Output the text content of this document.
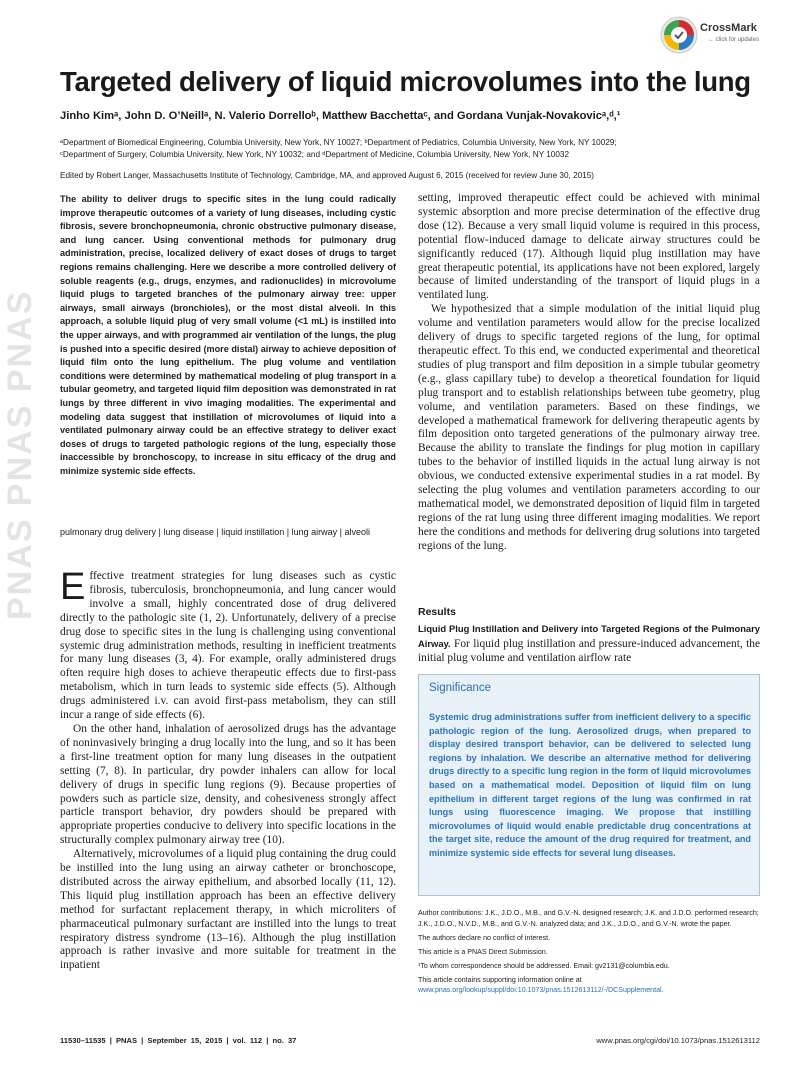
PNAS PNAS PNAS
CrossMark
← click for updates
Targeted delivery of liquid microvolumes into the lung
Jinho Kimᵃ, John D. O’Neillᵃ, N. Valerio Dorrelloᵇ, Matthew Bacchettaᶜ, and Gordana Vunjak-Novakovicᵃ,ᵈ,¹
ᵃDepartment of Biomedical Engineering, Columbia University, New York, NY 10027; ᵇDepartment of Pediatrics, Columbia University, New York, NY 10029;
ᶜDepartment of Surgery, Columbia University, New York, NY 10032; and ᵈDepartment of Medicine, Columbia University, New York, NY 10032
Edited by Robert Langer, Massachusetts Institute of Technology, Cambridge, MA, and approved August 6, 2015 (received for review June 30, 2015)
The ability to deliver drugs to specific sites in the lung could radically improve therapeutic outcomes of a variety of lung diseases, including cystic fibrosis, severe bronchopneumonia, chronic obstructive pulmonary disease, and lung cancer. Using conventional methods for pulmonary drug administration, precise, localized delivery of exact doses of drugs to target regions remains challenging. Here we describe a more controlled delivery of soluble reagents (e.g., drugs, enzymes, and radionuclides) in microvolume liquid plugs to targeted branches of the pulmonary airway tree: upper airways, small airways (bronchioles), or the most distal alveoli. In this approach, a soluble liquid plug of very small volume (<1 mL) is instilled into the upper airways, and with programmed air ventilation of the lungs, the plug is pushed into a specific desired (more distal) airway to achieve deposition of liquid film onto the lung epithelium. The plug volume and ventilation conditions were determined by mathematical modeling of plug transport in a tubular geometry, and targeted liquid film deposition was demonstrated in rat lungs by three different in vivo imaging modalities. The experimental and modeling data suggest that instillation of microvolumes of liquid into a ventilated pulmonary airway could be an effective strategy to deliver exact doses of drugs to targeted pathologic regions of the lung, especially those inaccessible by bronchoscopy, to increase in situ efficacy of the drug and minimize systemic side effects.
pulmonary drug delivery | lung disease | liquid instillation | lung airway | alveoli

Effective treatment strategies for lung diseases such as cystic fibrosis, tuberculosis, bronchopneumonia, and lung cancer would involve a small, highly concentrated dose of drug delivered directly to the pathologic site (1, 2). Unfortunately, delivery of a precise drug dose to specific sites in the lung is challenging using conventional systemic drug administration methods, resulting in inefficient treatments for many lung diseases (3, 4). For example, orally administered drugs often require high doses to achieve therapeutic effects due to first-pass metabolism, which in turn leads to systemic side effects (5). Although drugs administered i.v. can avoid first-pass metabolism, they can still incur a range of side effects (6).

On the other hand, inhalation of aerosolized drugs has the advantage of noninvasively bringing a drug locally into the lung, and so it has been a first-line treatment option for many lung diseases in the outpatient setting (7, 8). In particular, dry powder inhalers can allow for local delivery of drugs in specific lung regions (9). Because properties of powders such as particle size, density, and cohesiveness strongly affect particle transport behavior, dry powders should be prepared with appropriate properties conducive to delivery into specific locations in the structurally complex pulmonary airway tree (10).

Alternatively, microvolumes of a liquid plug containing the drug could be instilled into the lung using an airway catheter or bronchoscope, distributed across the airway epithelium, and absorbed locally (11, 12). This liquid plug instillation approach has been an effective delivery method for surfactant replacement therapy, in which microliters of pharmaceutical pulmonary surfactant are instilled into the lungs to treat respiratory distress syndrome (13–16). Although the plug instillation approach is rather invasive and more suitable for treatment in the inpatient

setting, improved therapeutic effect could be achieved with minimal systemic absorption and more precise determination of the effective drug dose (12). Because a very small liquid volume is required in this process, potential flow-induced damage to delicate airway structures could be significantly reduced (17). Although liquid plug instillation may have great therapeutic potential, its applications have not been explored, largely because of limited understanding of the transport of liquid plugs in a ventilated lung.

We hypothesized that a simple modulation of the initial liquid plug volume and ventilation parameters would allow for the precise localized delivery of drugs to specific targeted regions of the lung, for optimal therapeutic effect. To this end, we conducted experimental and theoretical studies of plug transport and film deposition in a simple tubular geometry (e.g., glass capillary tube) to develop a theoretical foundation for liquid plug transport and to establish relationships between tube geometry, plug volume, and ventilation parameters. Based on these findings, we developed a mathematical framework for delivering therapeutic agents by film deposition onto targeted generations of the pulmonary airway tree. Because the ability to translate the findings for plug motion in capillary tubes to the behavior of instilled liquids in the actual lung airway is not obvious, we conducted extensive experimental studies in a rat model. By selecting the plug volumes and ventilation parameters according to our mathematical model, we demonstrated deposition of liquid film in targeted regions of the rat lung using three different imaging modalities. We report here the conditions and methods for delivering drug solutions into targeted regions of the lung.

Results

Liquid Plug Instillation and Delivery into Targeted Regions of the Pulmonary Airway. For liquid plug instillation and pressure-induced advancement, the initial plug volume and ventilation airflow rate

Significance
Systemic drug administrations suffer from inefficient delivery to a specific pathologic region of the lung. Aerosolized drugs, when prepared to display desired transport behavior, can be delivered to selected lung regions by inhalation. We describe an alternative method for delivering drugs directly to a specific lung region in the form of liquid microvolumes based on a mathematical model. Deposition of liquid film on lung epithelium in different target regions of the lung was confirmed in rat lungs using fluorescence imaging. We propose that instilling microvolumes of liquid would enable predictable drug concentrations at the target site, reduce the amount of the drug required for treatment, and minimize systemic side effects for several lung diseases.

Author contributions: J.K., J.D.O., M.B., and G.V.-N. designed research; J.K. and J.D.O. performed research; J.K., J.D.O., N.V.D., M.B., and G.V.-N. analyzed data; and J.K., J.D.O., and G.V.-N. wrote the paper.

The authors declare no conflict of interest.

This article is a PNAS Direct Submission.

¹To whom correspondence should be addressed. Email: gv2131@columbia.edu.

This article contains supporting information online at www.pnas.org/lookup/suppl/doi:10.1073/pnas.1512613112/-/DCSupplemental.

11530–11535 | PNAS | September 15, 2015 | vol. 112 | no. 37	www.pnas.org/cgi/doi/10.1073/pnas.1512613112
